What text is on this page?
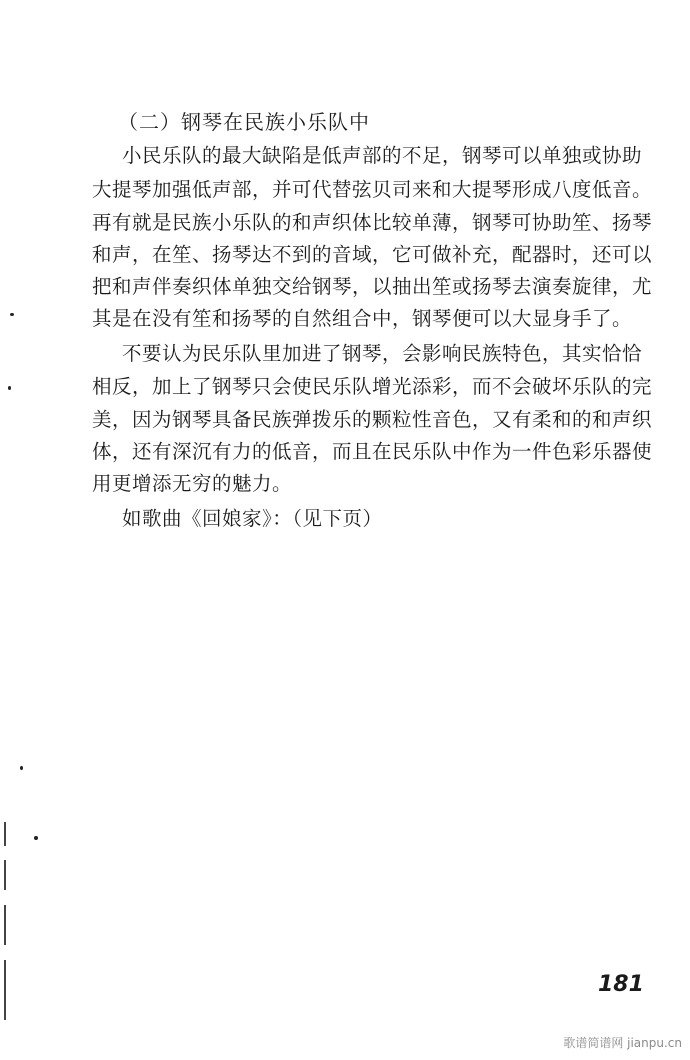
（二）钢琴在民族小乐队中
小民乐队的最大缺陷是低声部的不足，钢琴可以单独或协助
大提琴加强低声部，并可代替弦贝司来和大提琴形成八度低音。
再有就是民族小乐队的和声织体比较单薄，钢琴可协助笙、扬琴
和声，在笙、扬琴达不到的音域，它可做补充，配器时，还可以
把和声伴奏织体单独交给钢琴，以抽出笙或扬琴去演奏旋律，尤
其是在没有笙和扬琴的自然组合中，钢琴便可以大显身手了。
不要认为民乐队里加进了钢琴，会影响民族特色，其实恰恰
相反，加上了钢琴只会使民乐队增光添彩，而不会破坏乐队的完
美，因为钢琴具备民族弹拨乐的颗粒性音色，又有柔和的和声织
体，还有深沉有力的低音，而且在民乐队中作为一件色彩乐器使
用更增添无穷的魅力。
如歌曲《回娘家》：（见下页）
181
歌谱简谱网 jianpu.cn
